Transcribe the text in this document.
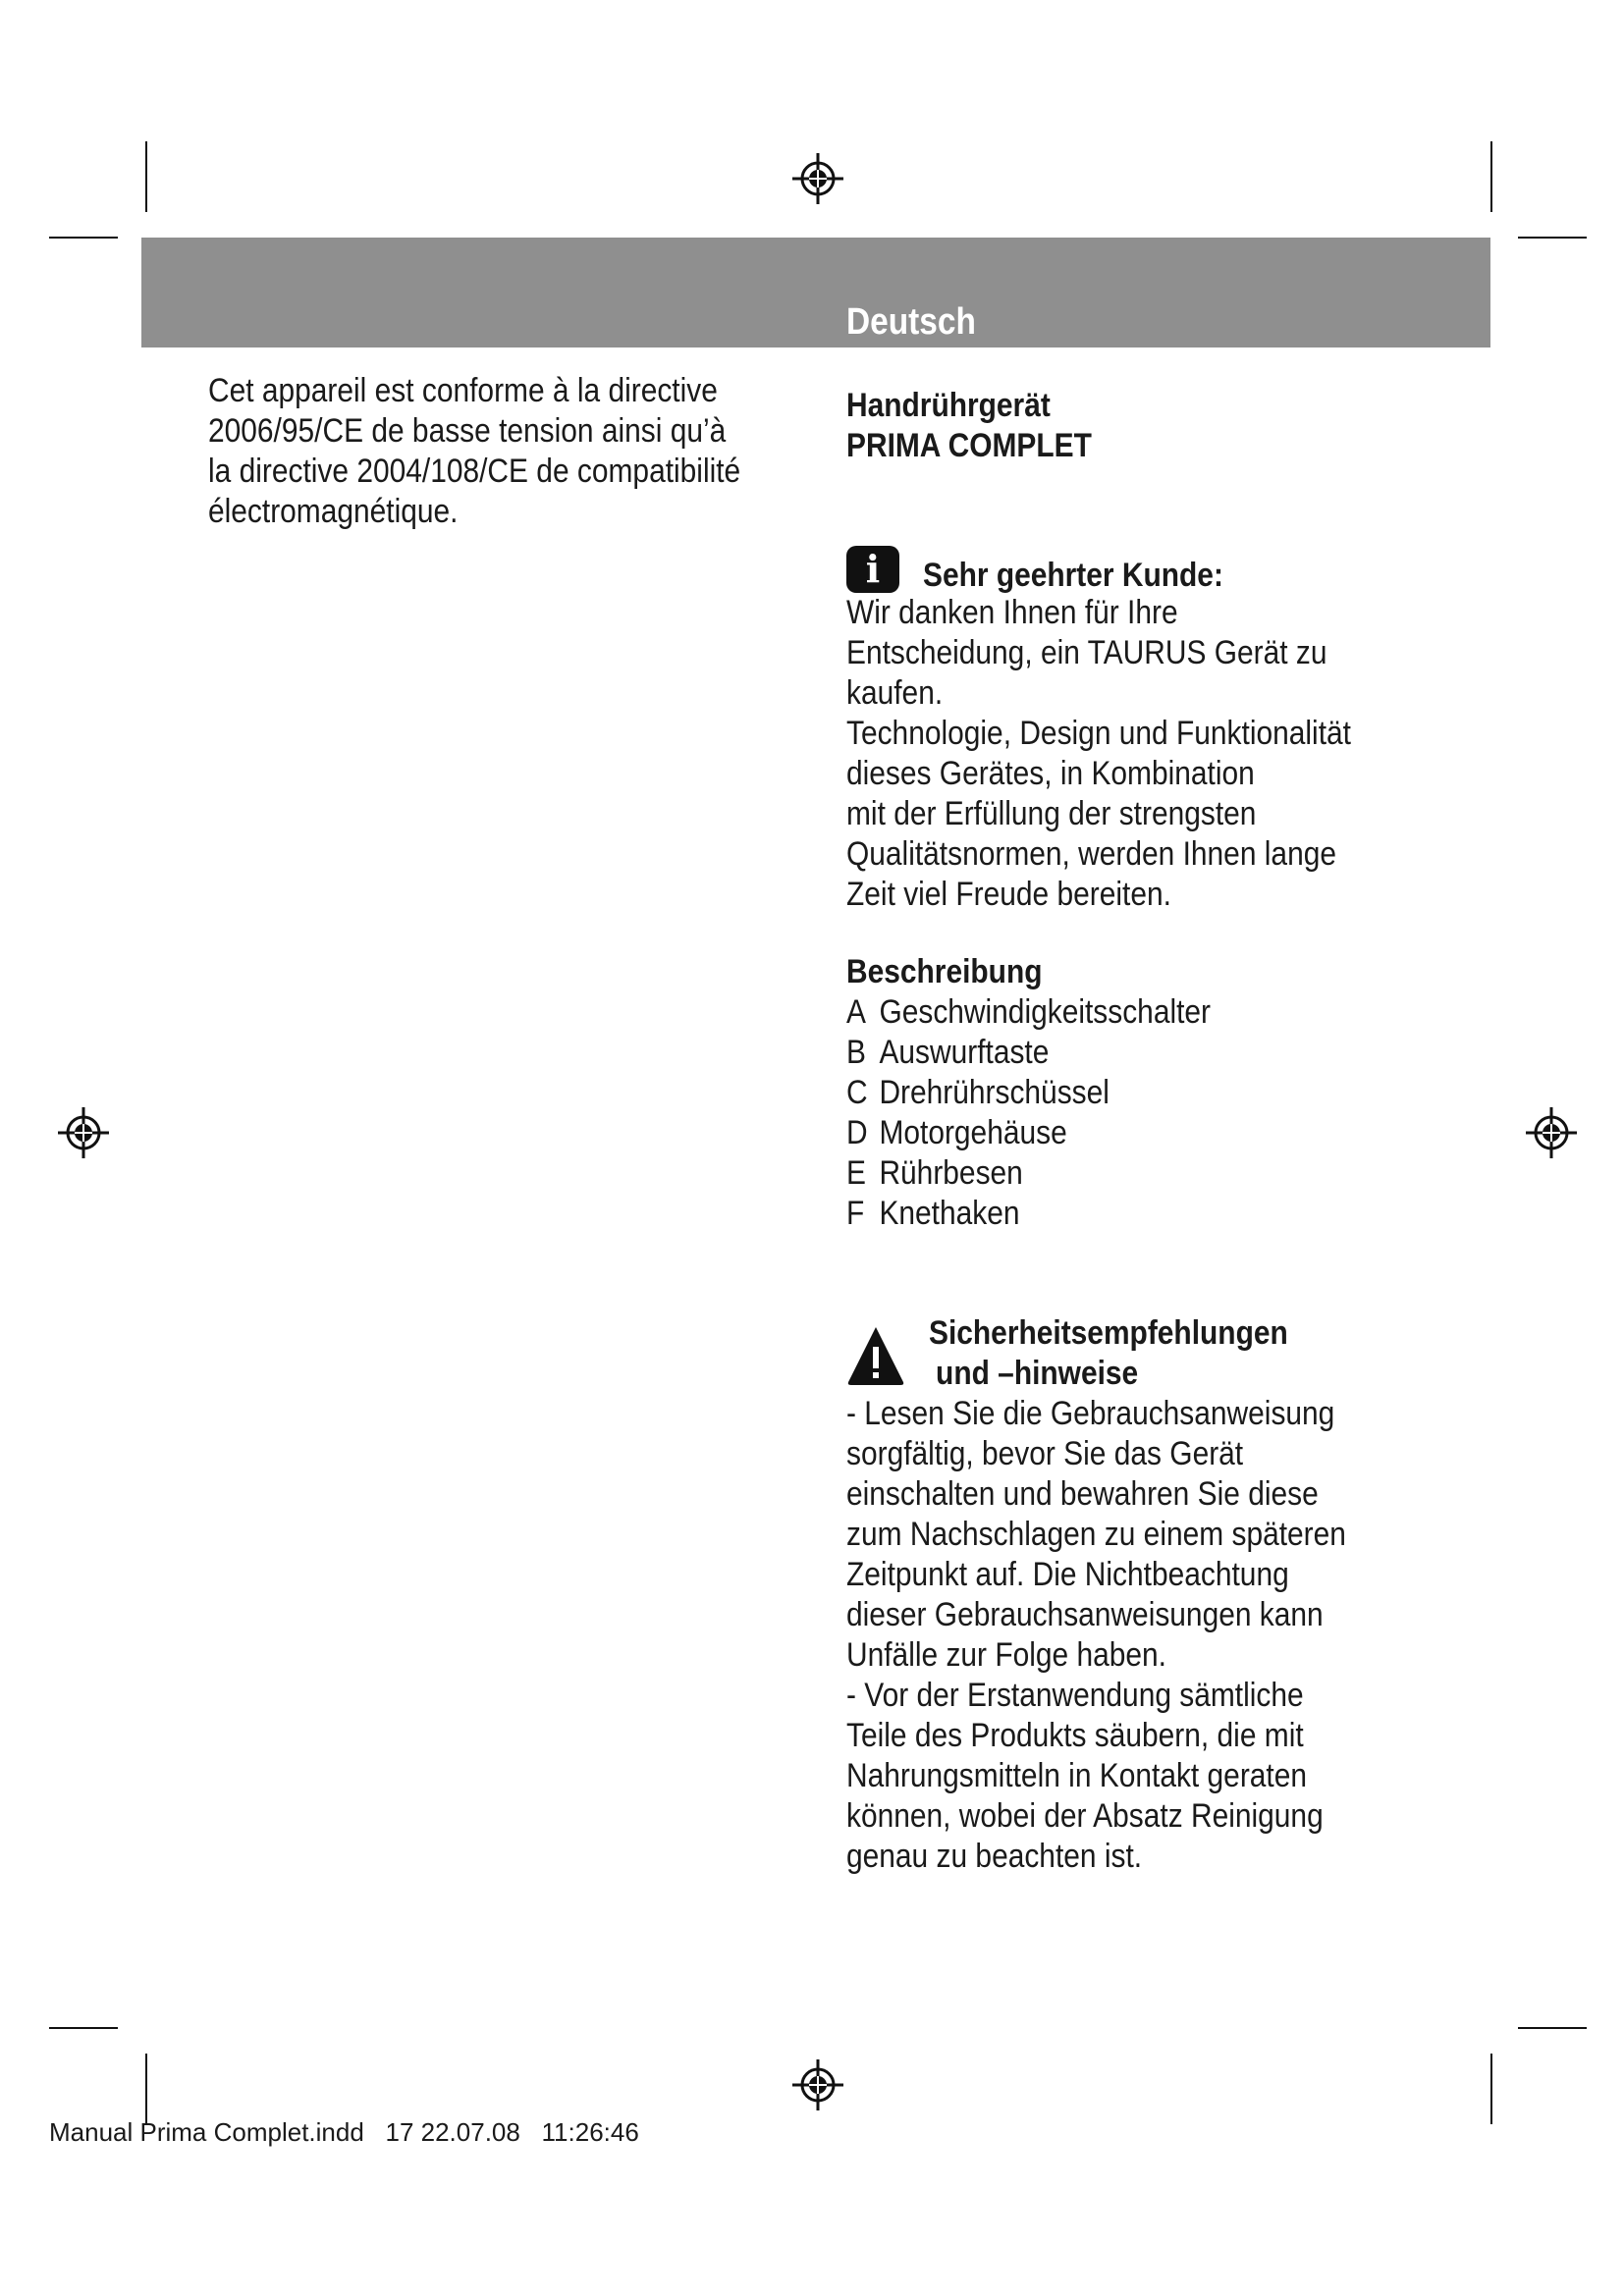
Deutsch
Cet appareil est conforme à la directive
2006/95/CE de basse tension ainsi qu’à
la directive 2004/108/CE de compatibilité
électromagnétique.
Handrührgerät
PRIMA COMPLET
i	Sehr geehrter Kunde:
Wir danken Ihnen für Ihre
Entscheidung, ein TAURUS Gerät zu
kaufen.
Technologie, Design und Funktionalität
dieses Gerätes, in Kombination
mit der Erfüllung der strengsten
Qualitätsnormen, werden Ihnen lange
Zeit viel Freude bereiten.
Beschreibung
A Geschwindigkeitsschalter
B Auswurftaste
C Drehrührschüssel
D Motorgehäuse
E Rührbesen
F Knethaken
Sicherheitsempfehlungen
und –hinweise
- Lesen Sie die Gebrauchsanweisung
sorgfältig, bevor Sie das Gerät
einschalten und bewahren Sie diese
zum Nachschlagen zu einem späteren
Zeitpunkt auf. Die Nichtbeachtung
dieser Gebrauchsanweisungen kann
Unfälle zur Folge haben.
- Vor der Erstanwendung sämtliche
Teile des Produkts säubern, die mit
Nahrungsmitteln in Kontakt geraten
können, wobei der Absatz Reinigung
genau zu beachten ist.
Manual Prima Complet.indd 17 22.07.08 11:26:46
